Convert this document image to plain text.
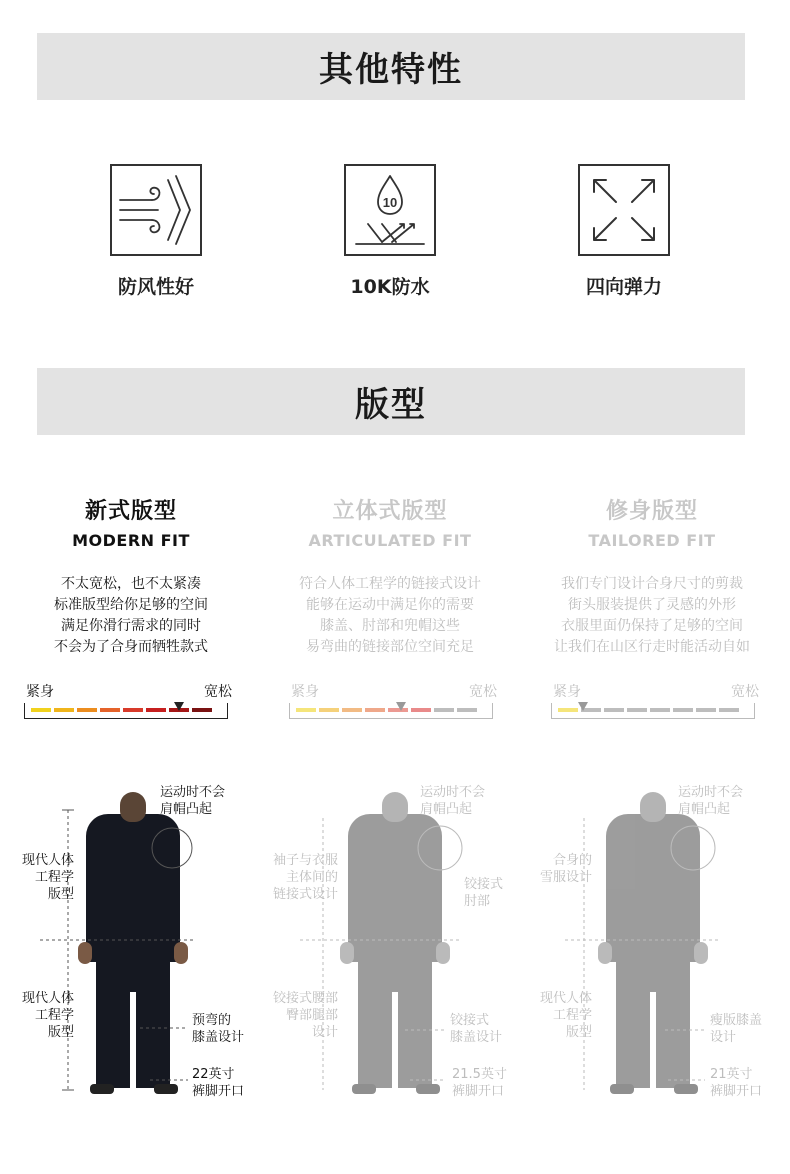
其他特性
防风性好
10
10K防水	四向弹力
版型
新式版型
MODERN FIT
不太宽松，也不太紧凑
标准版型给你足够的空间
满足你滑行需求的同时
不会为了合身而牺牲款式
立体式版型
ARTICULATED FIT
符合人体工程学的链接式设计
能够在运动中满足你的需要
膝盖、肘部和兜帽这些
易弯曲的链接部位空间充足
修身版型
TAILORED FIT
我们专门设计合身尺寸的剪裁
街头服装提供了灵感的外形
衣服里面仍保持了足够的空间
让我们在山区行走时能活动自如
紧身	宽松	紧身	宽松	紧身	宽松
运动时不会
肩帽凸起
现代人体
工程学
版型
现代人体
工程学
版型
预弯的
膝盖设计
22英寸
裤脚开口
运动时不会
肩帽凸起
袖子与衣服
主体间的
链接式设计
铰接式
肘部
铰接式腰部
臀部腿部
设计
铰接式
膝盖设计
21.5英寸
裤脚开口
运动时不会
肩帽凸起
合身的
雪服设计
现代人体
工程学
版型
瘦版膝盖
设计
21英寸
裤脚开口
